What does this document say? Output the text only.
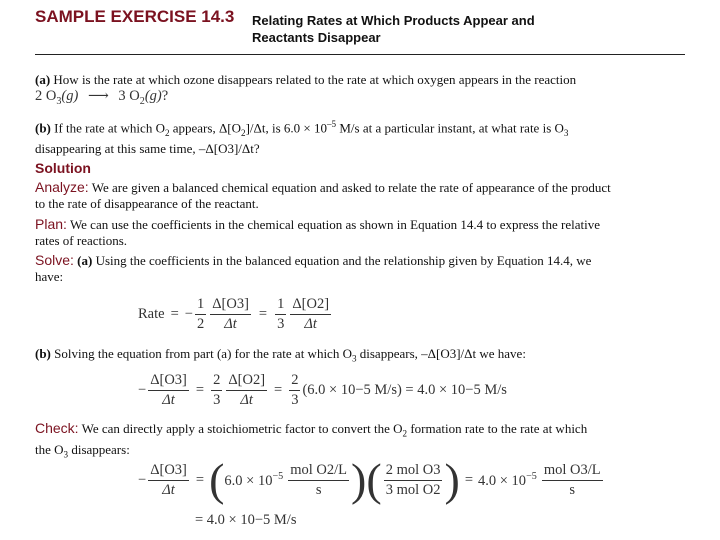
SAMPLE EXERCISE 14.3 Relating Rates at Which Products Appear and
Reactants Disappear
(a) How is the rate at which ozone disappears related to the rate at which oxygen appears in the reaction
2 $O_3(g)$ ⟶ 3 $O_2(g)$?
(b) If the rate at which $O_2$ appears, $\Delta[O_2]/\Delta t$, is $6.0 \times 10^{-5}$ M/s at a particular instant, at what rate is $O_3$
disappearing at this same time, –Δ[O3]/Δt?
Solution
Analyze: We are given a balanced chemical equation and asked to relate the rate of appearance of the product
to the rate of disappearance of the reactant.
Plan: We can use the coefficients in the chemical equation as shown in Equation 14.4 to express the relative
rates of reactions.
Solve: (a) Using the coefficients in the balanced equation and the relationship given by Equation 14.4, we
have:
Rate = − $\frac{1}{2} \frac{\Delta[O3]}{\Delta t} = \frac{1}{3} \frac{\Delta[O2]}{\Delta t}$
(b) Solving the equation from part (a) for the rate at which $O_3$ disappears, –Δ[O3]/Δt we have:
− $\frac{\Delta[O3]}{\Delta t} = \frac{2}{3} \frac{\Delta[O2]}{\Delta t} = \frac{2}{3} (6.0 \times 10-5$ M/s) = 4.0 × 10−5 M/s
Check: We can directly apply a stoichiometric factor to convert the $O_2$ formation rate to the rate at which
the $O_3$ disappears:
− $\frac{\Delta[O3]}{\Delta t}$ = ( $6.0 \times 10^{-5} \frac{\text{mol O2/L}}{s}$ ) ( $\frac{\text{2 mol O3}}{\text{3 mol O2}}$ ) = $4.0 \times 10^{-5} \frac{\text{mol O3/L}}{s}$
= 4.0 × 10−5 M/s
